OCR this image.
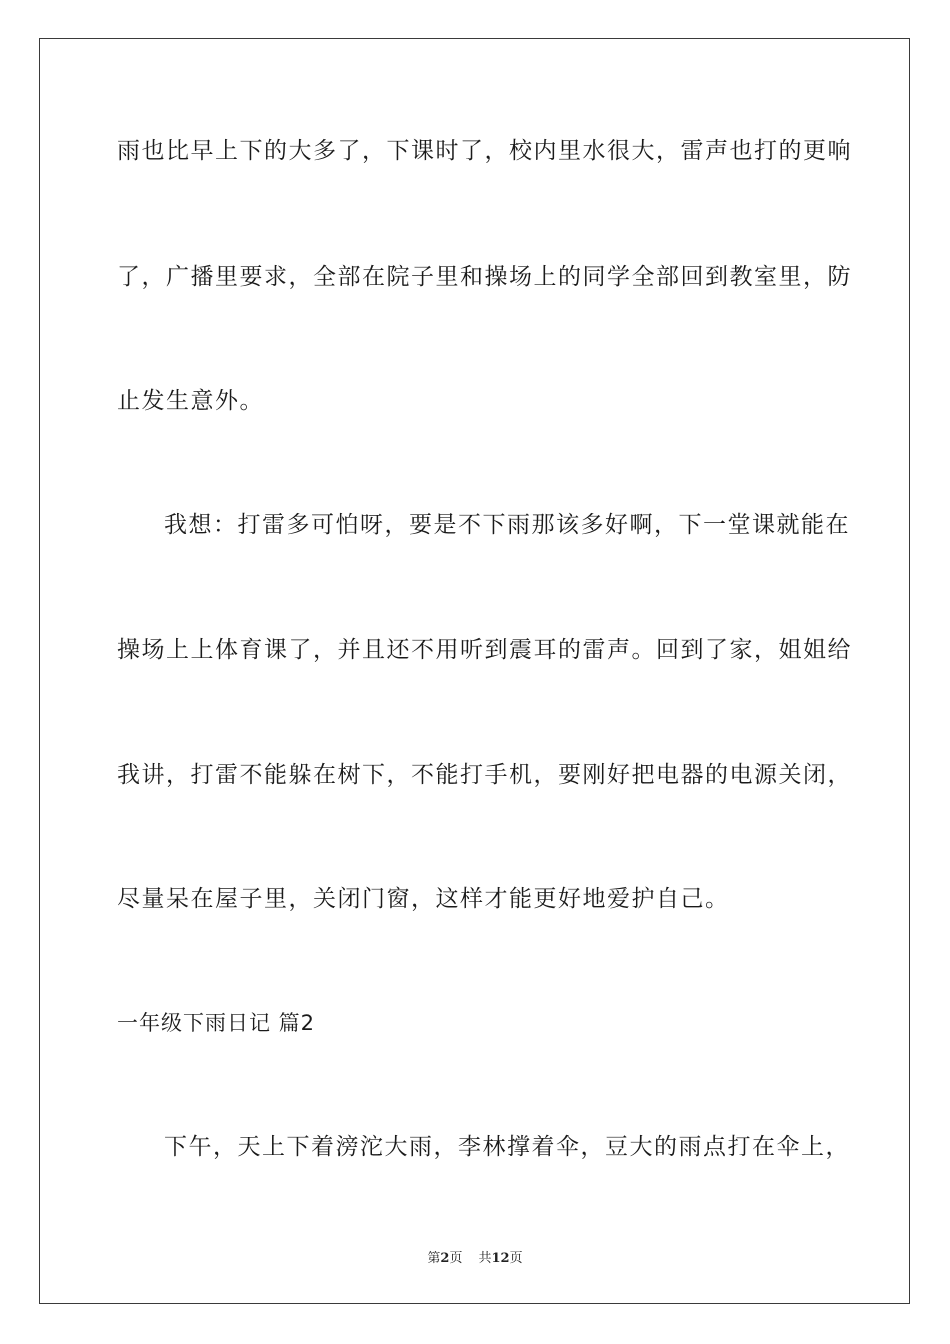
雨也比早上下的大多了，下课时了，校内里水很大，雷声也打的更响
了，广播里要求，全部在院子里和操场上的同学全部回到教室里，防
止发生意外。
我想：打雷多可怕呀，要是不下雨那该多好啊，下一堂课就能在
操场上上体育课了，并且还不用听到震耳的雷声。回到了家，姐姐给
我讲，打雷不能躲在树下，不能打手机，要刚好把电器的电源关闭，
尽量呆在屋子里，关闭门窗，这样才能更好地爱护自己。
一年级下雨日记 篇2
下午，天上下着滂沱大雨，李林撑着伞，豆大的雨点打在伞上，
第2页 共12页
